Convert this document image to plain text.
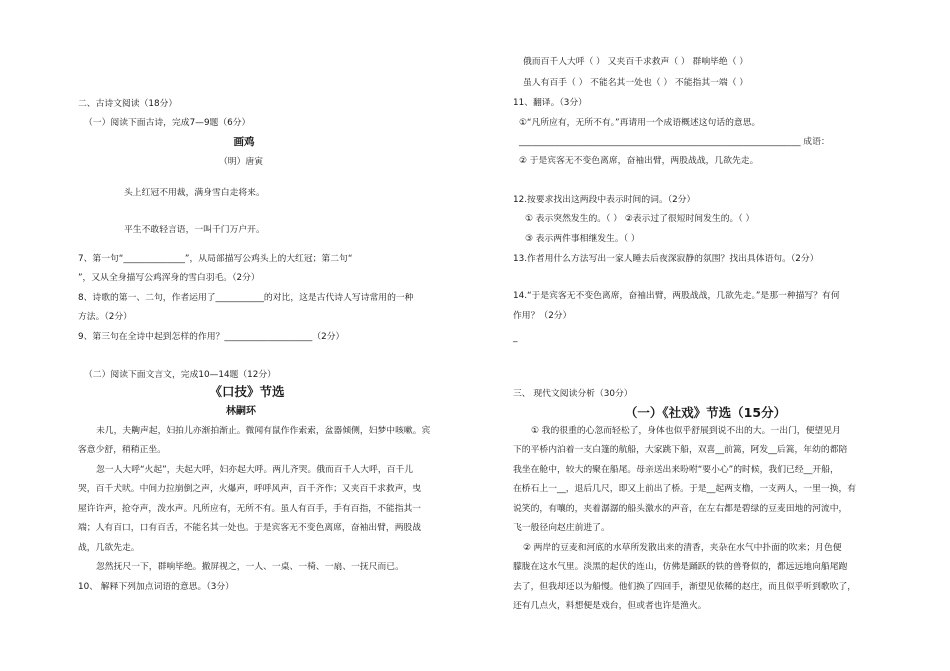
二、古诗文阅读（18分）
（一）阅读下面古诗，完成7—9题（6分）
画鸡
（明）唐寅
头上红冠不用裁，满身雪白走将来。
平生不敢轻言语，一叫千门万户开。
7、第一句“______________”，从局部描写公鸡头上的大红冠；第二句“
”，又从全身描写公鸡浑身的雪白羽毛。（2分）
8、诗歌的第一、二句，作者运用了___________的对比，这是古代诗人写诗常用的一种
方法。（2分）
9、第三句在全诗中起到怎样的作用？____________________（2分）
（二）阅读下面文言文，完成10—14题（12分）
《口技》节选
林嗣环
未几，夫齁声起，妇拍儿亦渐拍渐止。微闻有鼠作作索索，盆器倾侧，妇梦中咳嗽。宾
客意少舒，稍稍正坐。
忽一人大呼“火起”，夫起大呼，妇亦起大呼。两儿齐哭。俄而百千人大呼，百千儿
哭，百千犬吠。中间力拉崩倒之声，火爆声，呼呼风声，百千齐作；又夹百千求救声，曳
屋许许声，抢夺声，泼水声。凡所应有，无所不有。虽人有百手，手有百指，不能指其一
端；人有百口，口有百舌，不能名其一处也。于是宾客无不变色离席，奋袖出臂，两股战
战，几欲先走。
忽然抚尺一下，群响毕绝。撤屏视之，一人、一桌、一椅、一扇、一抚尺而已。
10、 解释下列加点词语的意思。（3分）
俄而百千人大呼（ ） 又夹百千求救声（ ） 群响毕绝（ ）
虽人有百手（ ） 不能名其一处也（ ） 不能指其一端（ ）
11、翻译。（3分）
①“凡所应有，无所不有。”再请用一个成语概述这句话的意思。
________________________________________________________________ 成语：
② 于是宾客无不变色离席，奋袖出臂，两股战战，几欲先走。
12.按要求找出这两段中表示时间的词。（2分）
① 表示突然发生的。（ ） ②表示过了很短时间发生的。（ ）
③ 表示两件事相继发生。（ ）
13.作者用什么方法写出一家人睡去后夜深寂静的氛围？找出具体语句。（2分）
14.“于是宾客无不变色离席，奋袖出臂，两股战战，几欲先走。”是那一种描写？有何
作用？（2分）
_
三、 现代文阅读分析（30分）
（一）《社戏》节选（15分）
① 我的很重的心忽而轻松了，身体也似乎舒展到说不出的大。一出门，便望见月
下的平桥内泊着一支白篷的航船，大家跳下船，双喜__前篙，阿发__后篙，年幼的都陪
我坐在舱中，较大的聚在船尾。母亲送出来吩咐“要小心”的时候，我们已经__开船，
在桥石上一__，退后几尺，即又上前出了桥。于是__起两支橹，一支两人，一里一换，有
说笑的，有嚷的，夹着潺潺的船头激水的声音，在左右都是碧绿的豆麦田地的河流中，
飞一般径向赵庄前进了。
② 两岸的豆麦和河底的水草所发散出来的清香，夹杂在水气中扑面的吹来；月色便
朦胧在这水气里。淡黑的起伏的连山，仿佛是踊跃的铁的兽脊似的，都远远地向船尾跑
去了，但我却还以为船慢。他们换了四回手，渐望见依稀的赵庄，而且似乎听到歌吹了，
还有几点火，料想便是戏台，但或者也许是渔火。
